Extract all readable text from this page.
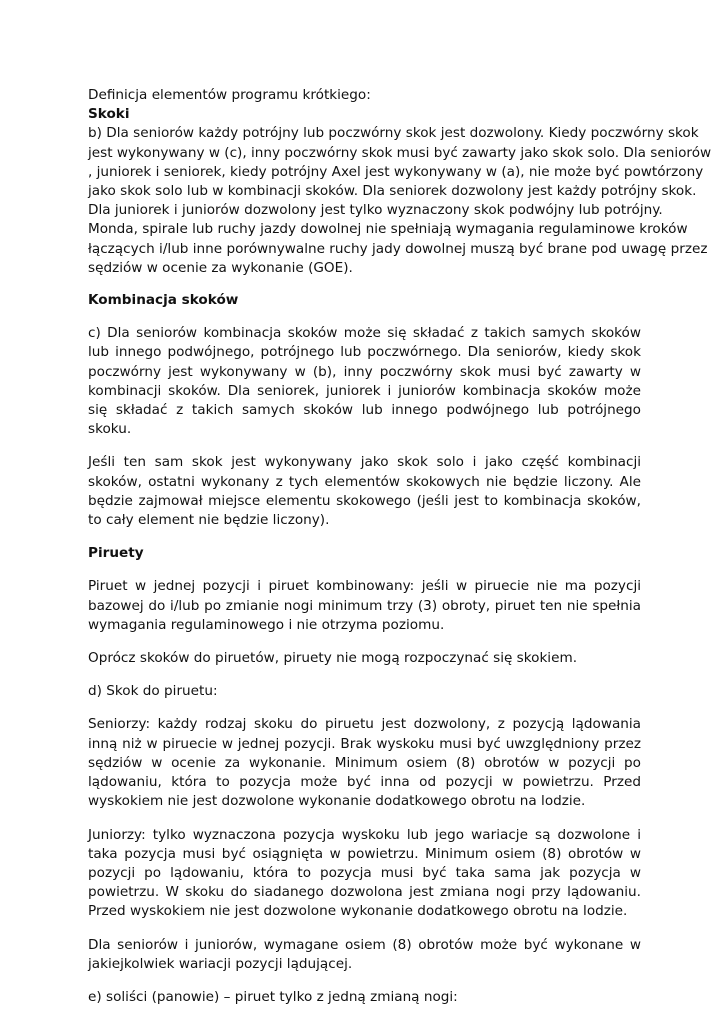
Definicja elementów programu krótkiego:
Skoki
b) Dla seniorów każdy potrójny lub poczwórny skok jest dozwolony. Kiedy poczwórny skok
jest wykonywany w (c), inny poczwórny skok musi być zawarty jako skok solo. Dla seniorów
, juniorek i seniorek, kiedy potrójny Axel jest wykonywany w (a), nie może być powtórzony
jako skok solo lub w kombinacji skoków. Dla seniorek dozwolony jest każdy potrójny skok.
Dla juniorek i juniorów dozwolony jest tylko wyznaczony skok podwójny lub potrójny.
Monda, spirale lub ruchy jazdy dowolnej nie spełniają wymagania regulaminowe kroków
łączących i/lub inne porównywalne ruchy jady dowolnej muszą być brane pod uwagę przez
sędziów w ocenie za wykonanie (GOE).
Kombinacja skoków

c) Dla seniorów kombinacja skoków może się składać z takich samych skoków lub innego podwójnego, potrójnego lub poczwórnego. Dla seniorów, kiedy skok poczwórny jest wykonywany w (b), inny poczwórny skok musi być zawarty w kombinacji skoków. Dla seniorek, juniorek i juniorów kombinacja skoków może się składać z takich samych skoków lub innego podwójnego lub potrójnego skoku.

Jeśli ten sam skok jest wykonywany jako skok solo i jako część kombinacji skoków, ostatni wykonany z tych elementów skokowych nie będzie liczony. Ale będzie zajmował miejsce elementu skokowego (jeśli jest to kombinacja skoków, to cały element nie będzie liczony).

Piruety

Piruet w jednej pozycji i piruet kombinowany: jeśli w piruecie nie ma pozycji bazowej do i/lub po zmianie nogi minimum trzy (3) obroty, piruet ten nie spełnia wymagania regulaminowego i nie otrzyma poziomu.

Oprócz skoków do piruetów, piruety nie mogą rozpoczynać się skokiem.

d) Skok do piruetu:

Seniorzy: każdy rodzaj skoku do piruetu jest dozwolony, z pozycją lądowania inną niż w piruecie w jednej pozycji. Brak wyskoku musi być uwzględniony przez sędziów w ocenie za wykonanie. Minimum osiem (8) obrotów w pozycji po lądowaniu, która to pozycja może być inna od pozycji w powietrzu. Przed wyskokiem nie jest dozwolone wykonanie dodatkowego obrotu na lodzie.

Juniorzy: tylko wyznaczona pozycja wyskoku lub jego wariacje są dozwolone i taka pozycja musi być osiągnięta w powietrzu. Minimum osiem (8) obrotów w pozycji po lądowaniu, która to pozycja musi być taka sama jak pozycja w powietrzu. W skoku do siadanego dozwolona jest zmiana nogi przy lądowaniu. Przed wyskokiem nie jest dozwolone wykonanie dodatkowego obrotu na lodzie.

Dla seniorów i juniorów, wymagane osiem (8) obrotów może być wykonane w jakiejkolwiek wariacji pozycji lądującej.

e) soliści (panowie) – piruet tylko z jedną zmianą nogi:
